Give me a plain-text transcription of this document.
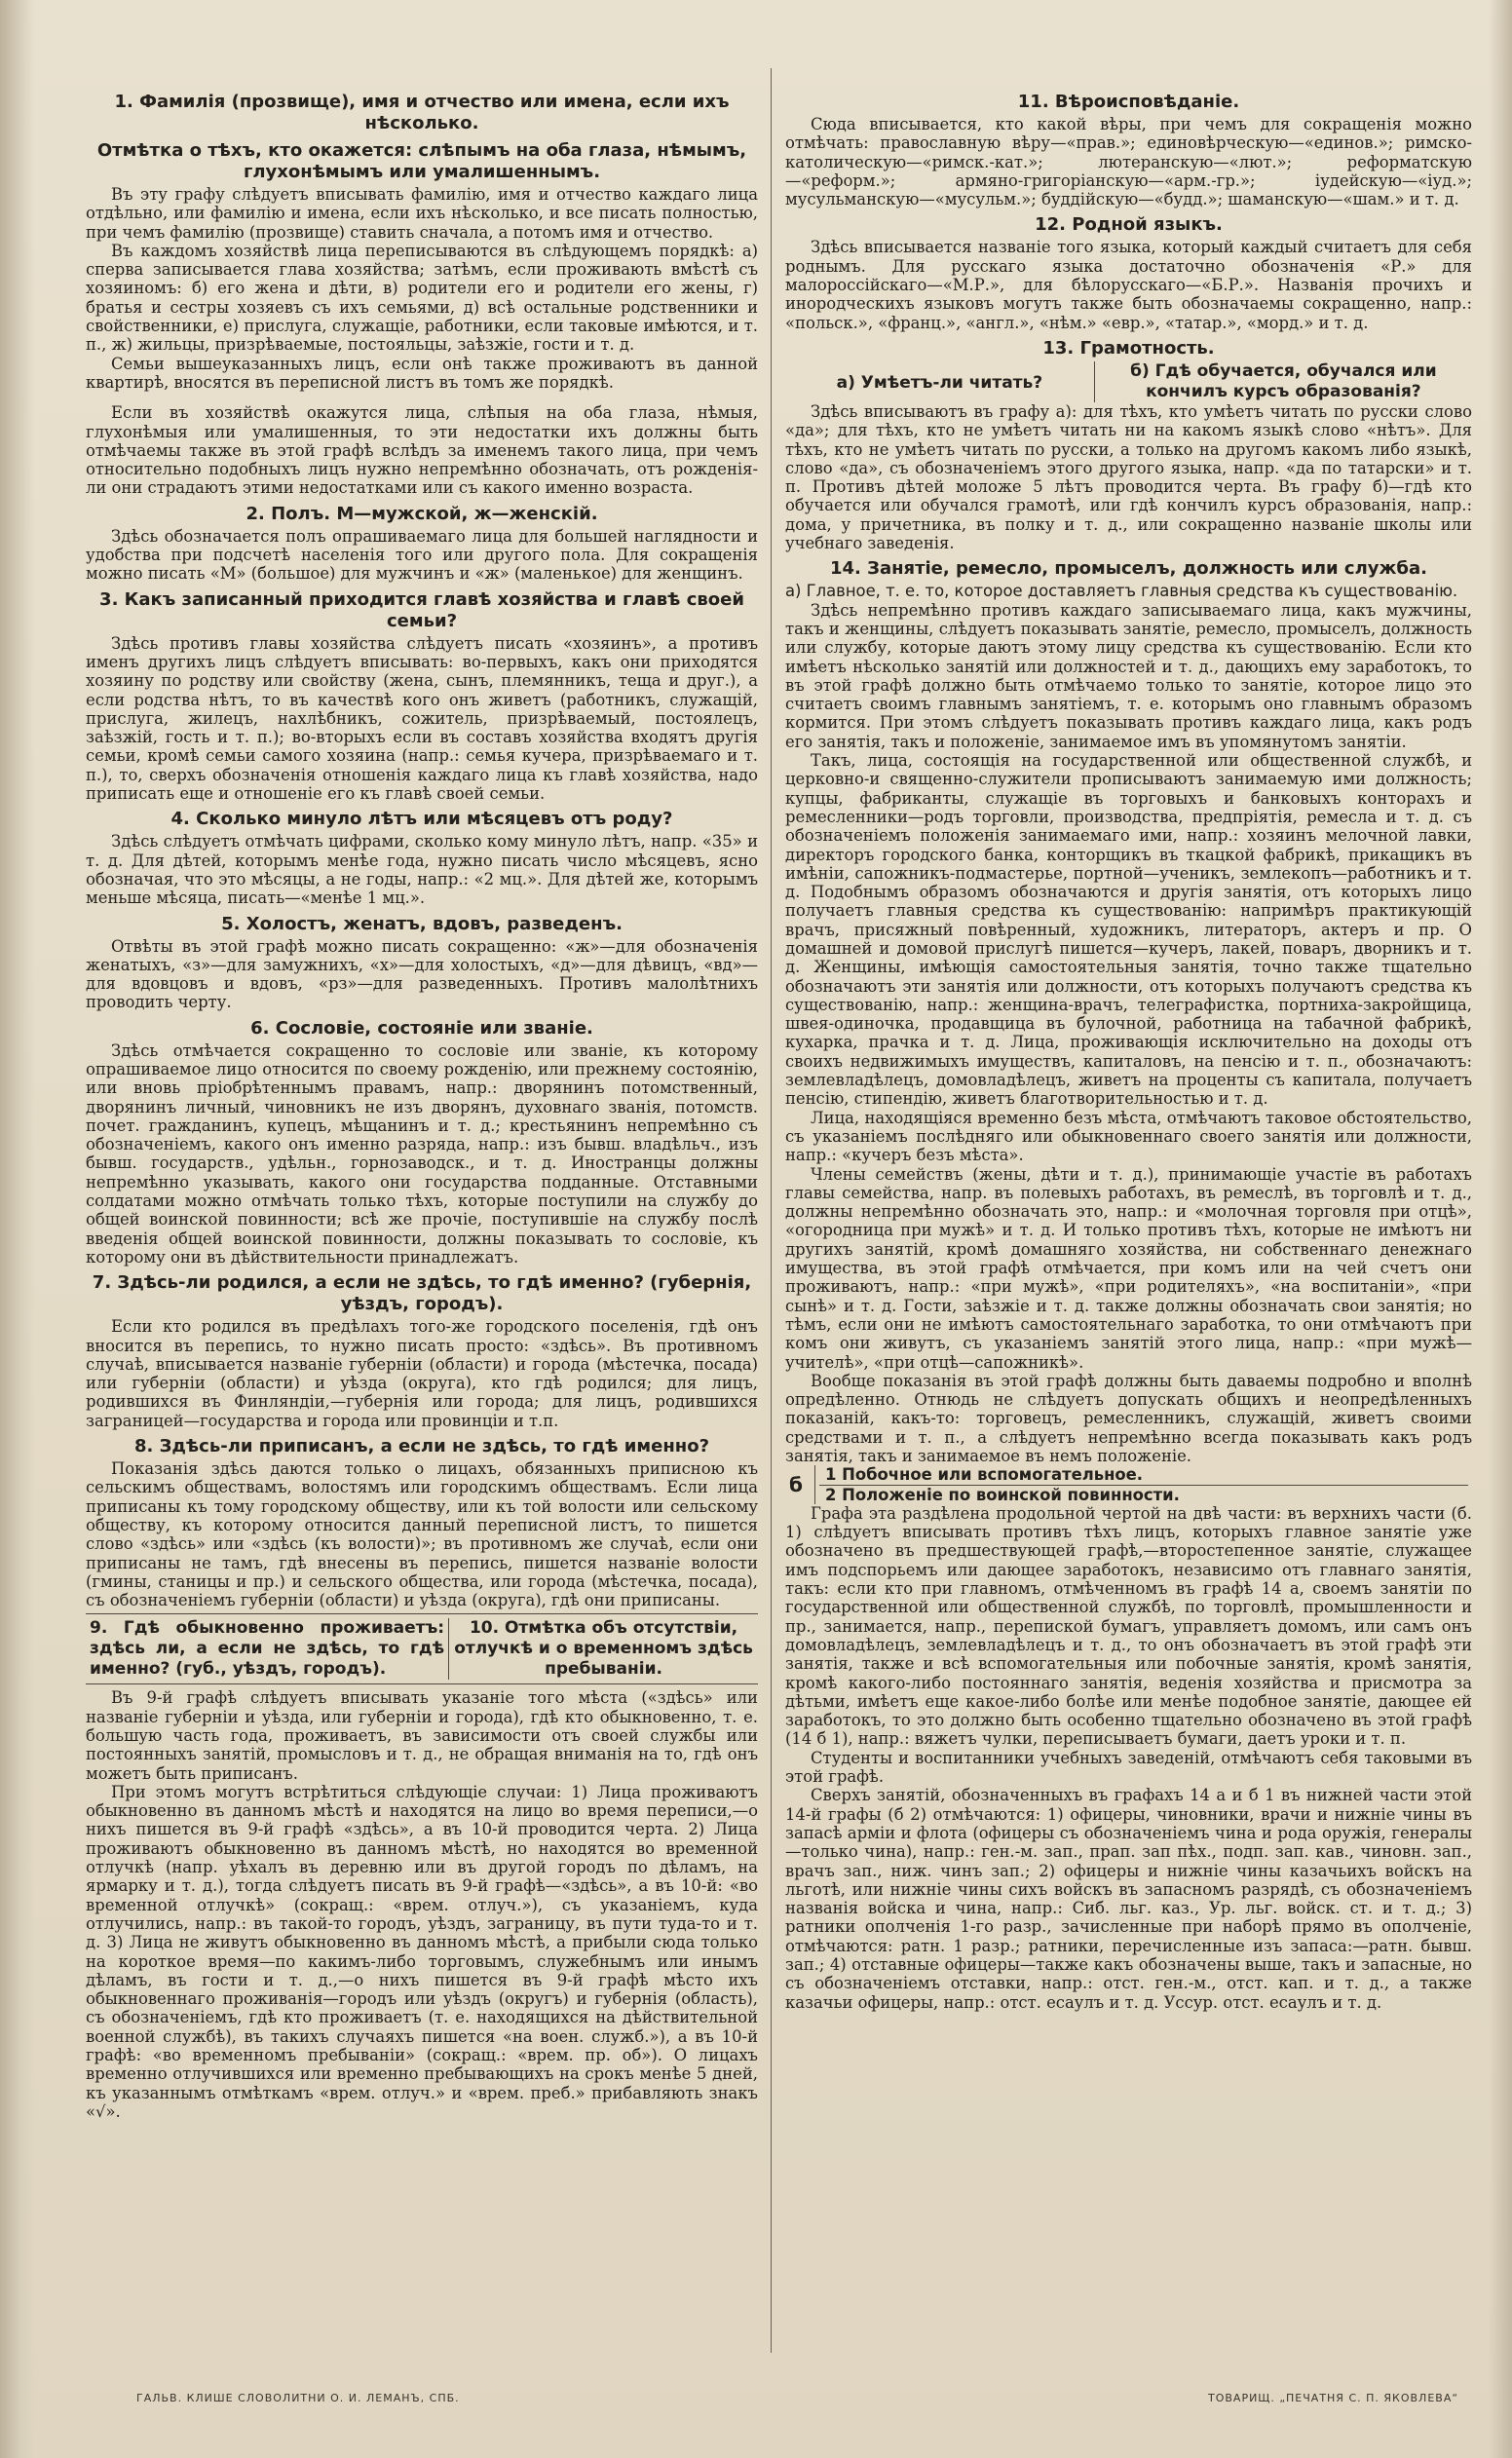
1. Фамилія (прозвище), имя и отчество или имена, если ихъ нѣсколько.
Отмѣтка о тѣхъ, кто окажется: слѣпымъ на оба глаза, нѣмымъ, глухонѣмымъ или умалишеннымъ.

Въ эту графу слѣдуетъ вписывать фамилію, имя и отчество каждаго лица отдѣльно, или фамилію и имена, если ихъ нѣсколько, и все писать полностью, при чемъ фамилію (прозвище) ставить сначала, а потомъ имя и отчество.

Въ каждомъ хозяйствѣ лица переписываются въ слѣдующемъ порядкѣ: а) сперва записывается глава хозяйства; затѣмъ, если проживають вмѣстѣ съ хозяиномъ: б) его жена и дѣти, в) родители его и родители его жены, г) братья и сестры хозяевъ съ ихъ семьями, д) всѣ остальные родственники и свойственники, е) прислуга, служащіе, работники, если таковые имѣются, и т. п., ж) жильцы, призрѣваемые, постояльцы, заѣзжіе, гости и т. д.

Семьи вышеуказанныхъ лицъ, если онѣ также проживаютъ въ данной квартирѣ, вносятся въ переписной листъ въ томъ же порядкѣ.

Если въ хозяйствѣ окажутся лица, слѣпыя на оба глаза, нѣмыя, глухонѣмыя или умалишенныя, то эти недостатки ихъ должны быть отмѣчаемы также въ этой графѣ вслѣдъ за именемъ такого лица, при чемъ относительно подобныхъ лицъ нужно непремѣнно обозначать, отъ рожденія-ли они страдаютъ этими недостатками или съ какого именно возраста.

2. Полъ. М—мужской, ж—женскій.

Здѣсь обозначается полъ опрашиваемаго лица для большей наглядности и удобства при подсчетѣ населенія того или другого пола. Для сокращенія можно писать «М» (большое) для мужчинъ и «ж» (маленькое) для женщинъ.

3. Какъ записанный приходится главѣ хозяйства и главѣ своей семьи?

Здѣсь противъ главы хозяйства слѣдуетъ писать «хозяинъ», а противъ именъ другихъ лицъ слѣдуетъ вписывать: во-первыхъ, какъ они приходятся хозяину по родству или свойству (жена, сынъ, племянникъ, теща и друг.), а если родства нѣтъ, то въ качествѣ кого онъ живетъ (работникъ, служащій, прислуга, жилецъ, нахлѣбникъ, сожитель, призрѣваемый, постоялецъ, заѣзжій, гость и т. п.); во-вторыхъ если въ составъ хозяйства входятъ другія семьи, кромѣ семьи самого хозяина (напр.: семья кучера, призрѣваемаго и т. п.), то, сверхъ обозначенія отношенія каждаго лица къ главѣ хозяйства, надо приписать еще и отношеніе его къ главѣ своей семьи.

4. Сколько минуло лѣтъ или мѣсяцевъ отъ роду?

Здѣсь слѣдуетъ отмѣчать цифрами, сколько кому минуло лѣтъ, напр. «35» и т. д. Для дѣтей, которымъ менѣе года, нужно писать число мѣсяцевъ, ясно обозначая, что это мѣсяцы, а не годы, напр.: «2 мц.». Для дѣтей же, которымъ меньше мѣсяца, писать—«менѣе 1 мц.».

5. Холостъ, женатъ, вдовъ, разведенъ.

Отвѣты въ этой графѣ можно писать сокращенно: «ж»—для обозначенія женатыхъ, «з»—для замужнихъ, «х»—для холостыхъ, «д»—для дѣвицъ, «вд»—для вдовцовъ и вдовъ, «рз»—для разведенныхъ. Противъ малолѣтнихъ проводить черту.

6. Сословіе, состояніе или званіе.

Здѣсь отмѣчается сокращенно то сословіе или званіе, къ которому опрашиваемое лицо относится по своему рожденію, или прежнему состоянію, или вновь пріобрѣтеннымъ правамъ, напр.: дворянинъ потомственный, дворянинъ личный, чиновникъ не изъ дворянъ, духовнаго званія, потомств. почет. гражданинъ, купецъ, мѣщанинъ и т. д.; крестьянинъ непремѣнно съ обозначеніемъ, какого онъ именно разряда, напр.: изъ бывш. владѣльч., изъ бывш. государств., удѣльн., горнозаводск., и т. д. Иностранцы должны непремѣнно указывать, какого они государства подданные. Отставными солдатами можно отмѣчать только тѣхъ, которые поступили на службу до общей воинской повинности; всѣ же прочіе, поступившіе на службу послѣ введенія общей воинской повинности, должны показывать то сословіе, къ которому они въ дѣйствительности принадлежатъ.

7. Здѣсь-ли родился, а если не здѣсь, то гдѣ именно? (губернія, уѣздъ, городъ).

Если кто родился въ предѣлахъ того-же городского поселенія, гдѣ онъ вносится въ перепись, то нужно писать просто: «здѣсь». Въ противномъ случаѣ, вписывается названіе губерніи (области) и города (мѣстечка, посада) или губерніи (области) и уѣзда (округа), кто гдѣ родился; для лицъ, родившихся въ Финляндіи,—губернія или города; для лицъ, родившихся заграницей—государства и города или провинціи и т.п.

8. Здѣсь-ли приписанъ, а если не здѣсь, то гдѣ именно?

Показанія здѣсь даются только о лицахъ, обязанныхъ приписною къ сельскимъ обществамъ, волостямъ или городскимъ обществамъ. Если лица приписаны къ тому городскому обществу, или къ той волости или сельскому обществу, къ которому относится данный переписной листъ, то пишется слово «здѣсь» или «здѣсь (къ волости)»; въ противномъ же случаѣ, если они приписаны не тамъ, гдѣ внесены въ перепись, пишется названіе волости (гмины, станицы и пр.) и сельского общества, или города (мѣстечка, посада), съ обозначеніемъ губерніи (области) и уѣзда (округа), гдѣ они приписаны.

9. Гдѣ обыкновенно проживаетъ: здѣсь ли, а если не здѣсь, то гдѣ именно? (губ., уѣздъ, городъ).	10. Отмѣтка объ отсутствіи, отлучкѣ и о временномъ здѣсь пребываніи.

Въ 9-й графѣ слѣдуетъ вписывать указаніе того мѣста («здѣсь» или названіе губерніи и уѣзда, или губерніи и города), гдѣ кто обыкновенно, т. е. большую часть года, проживаетъ, въ зависимости отъ своей службы или постоянныхъ занятій, промысловъ и т. д., не обращая вниманія на то, гдѣ онъ можетъ быть приписанъ.

При этомъ могутъ встрѣтиться слѣдующіе случаи: 1) Лица проживаютъ обыкновенно въ данномъ мѣстѣ и находятся на лицо во время переписи,—о нихъ пишется въ 9-й графѣ «здѣсь», а въ 10-й проводится черта. 2) Лица проживаютъ обыкновенно въ данномъ мѣстѣ, но находятся во временной отлучкѣ (напр. уѣхалъ въ деревню или въ другой городъ по дѣламъ, на ярмарку и т. д.), тогда слѣдуетъ писать въ 9-й графѣ—«здѣсь», а въ 10-й: «во временной отлучкѣ» (сокращ.: «врем. отлуч.»), съ указаніемъ, куда отлучились, напр.: въ такой-то городъ, уѣздъ, заграницу, въ пути туда-то и т. д. 3) Лица не живутъ обыкновенно въ данномъ мѣстѣ, а прибыли сюда только на короткое время—по какимъ-либо торговымъ, служебнымъ или инымъ дѣламъ, въ гости и т. д.,—о нихъ пишется въ 9-й графѣ мѣсто ихъ обыкновеннаго проживанія—городъ или уѣздъ (округъ) и губернія (область), съ обозначеніемъ, гдѣ кто проживаетъ (т. е. находящихся на дѣйствительной военной службѣ), въ такихъ случаяхъ пишется «на воен. служб.»), а въ 10-й графѣ: «во временномъ пребываніи» (сокращ.: «врем. пр. об»). О лицахъ временно отлучившихся или временно пребывающихъ на срокъ менѣе 5 дней, къ указаннымъ отмѣткамъ «врем. отлуч.» и «врем. преб.» прибавляють знакъ «√».

11. Вѣроисповѣданіе.

Сюда вписывается, кто какой вѣры, при чемъ для сокращенія можно отмѣчать: православную вѣру—«прав.»; единовѣрческую—«единов.»; римско-католическую—«римск.-кат.»; лютеранскую—«лют.»; реформатскую—«реформ.»; армяно-григоріанскую—«арм.-гр.»; іудейскую—«іуд.»; мусульманскую—«мусульм.»; буддійскую—«будд.»; шаманскую—«шам.» и т. д.

12. Родной языкъ.

Здѣсь вписывается названіе того языка, который каждый считаетъ для себя роднымъ. Для русскаго языка достаточно обозначенія «Р.» для малороссійскаго—«М.Р.», для бѣлорусскаго—«Б.Р.». Названія прочихъ и инородческихъ языковъ могутъ также быть обозначаемы сокращенно, напр.: «польск.», «франц.», «англ.», «нѣм.» «евр.», «татар.», «морд.» и т. д.

13. Грамотность.
а) Умѣетъ-ли читать?	б) Гдѣ обучается, обучался или кончилъ курсъ образованія?

Здѣсь вписываютъ въ графу а): для тѣхъ, кто умѣетъ читать по русски слово «да»; для тѣхъ, кто не умѣетъ читать ни на какомъ языкѣ слово «нѣтъ». Для тѣхъ, кто не умѣетъ читать по русски, а только на другомъ какомъ либо языкѣ, слово «да», съ обозначеніемъ этого другого языка, напр. «да по татарски» и т. п. Противъ дѣтей моложе 5 лѣтъ проводится черта. Въ графу б)—гдѣ кто обучается или обучался грамотѣ, или гдѣ кончилъ курсъ образованія, напр.: дома, у причетника, въ полку и т. д., или сокращенно названіе школы или учебнаго заведенія.

14. Занятіе, ремесло, промыселъ, должность или служба.
а) Главное, т. е. то, которое доставляетъ главныя средства къ существованію.

Здѣсь непремѣнно противъ каждаго записываемаго лица, какъ мужчины, такъ и женщины, слѣдуетъ показывать занятіе, ремесло, промыселъ, должность или службу, которые даютъ этому лицу средства къ существованію. Если кто имѣетъ нѣсколько занятій или должностей и т. д., дающихъ ему заработокъ, то въ этой графѣ должно быть отмѣчаемо только то занятіе, которое лицо это считаетъ своимъ главнымъ занятіемъ, т. е. которымъ оно главнымъ образомъ кормится. При этомъ слѣдуетъ показывать противъ каждаго лица, какъ родъ его занятія, такъ и положеніе, занимаемое имъ въ упомянутомъ занятіи.

Такъ, лица, состоящія на государственной или общественной службѣ, и церковно-и священно-служители прописываютъ занимаемую ими должность; купцы, фабриканты, служащіе въ торговыхъ и банковыхъ конторахъ и ремесленники—родъ торговли, производства, предпріятія, ремесла и т. д. съ обозначеніемъ положенія занимаемаго ими, напр.: хозяинъ мелочной лавки, директоръ городского банка, конторщикъ въ ткацкой фабрикѣ, прикащикъ въ имѣніи, сапожникъ-подмастерье, портной—ученикъ, землекопъ—работникъ и т. д. Подобнымъ образомъ обозначаются и другія занятія, отъ которыхъ лицо получаетъ главныя средства къ существованію: напримѣръ практикующій врачъ, присяжный повѣренный, художникъ, литераторъ, актеръ и пр. О домашней и домовой прислугѣ пишется—кучеръ, лакей, поваръ, дворникъ и т. д. Женщины, имѣющія самостоятельныя занятія, точно также тщательно обозначаютъ эти занятія или должности, отъ которыхъ получаютъ средства къ существованію, напр.: женщина-врачъ, телеграфистка, портниха-закройщица, швея-одиночка, продавщица въ булочной, работница на табачной фабрикѣ, кухарка, прачка и т. д. Лица, проживающія исключительно на доходы отъ своихъ недвижимыхъ имуществъ, капиталовъ, на пенсію и т. п., обозначаютъ: землевладѣлецъ, домовладѣлецъ, живетъ на проценты съ капитала, получаетъ пенсію, стипендію, живетъ благотворительностью и т. д.

Лица, находящіяся временно безъ мѣста, отмѣчаютъ таковое обстоятельство, съ указаніемъ послѣдняго или обыкновеннаго своего занятія или должности, напр.: «кучеръ безъ мѣста».

Члены семействъ (жены, дѣти и т. д.), принимающіе участіе въ работахъ главы семейства, напр. въ полевыхъ работахъ, въ ремеслѣ, въ торговлѣ и т. д., должны непремѣнно обозначать это, напр.: и «молочная торговля при отцѣ», «огородница при мужѣ» и т. д. И только противъ тѣхъ, которые не имѣютъ ни другихъ занятій, кромѣ домашняго хозяйства, ни собственнаго денежнаго имущества, въ этой графѣ отмѣчается, при комъ или на чей счетъ они проживаютъ, напр.: «при мужѣ», «при родителяхъ», «на воспитаніи», «при сынѣ» и т. д. Гости, заѣзжіе и т. д. также должны обозначать свои занятія; но тѣмъ, если они не имѣютъ самостоятельнаго заработка, то они отмѣчаютъ при комъ они живутъ, съ указаніемъ занятій этого лица, напр.: «при мужѣ—учителѣ», «при отцѣ—сапожникѣ».

Вообще показанія въ этой графѣ должны быть даваемы подробно и вполнѣ опредѣленно. Отнюдь не слѣдуетъ допускать общихъ и неопредѣленныхъ показаній, какъ-то: торговецъ, ремесленникъ, служащій, живетъ своими средствами и т. п., а слѣдуетъ непремѣнно всегда показывать какъ родъ занятія, такъ и занимаемое въ немъ положеніе.

б	1 Побочное или вспомогательное.
2 Положеніе по воинской повинности.

Графа эта раздѣлена продольной чертой на двѣ части: въ верхнихъ части (б. 1) слѣдуетъ вписывать противъ тѣхъ лицъ, которыхъ главное занятіе уже обозначено въ предшествующей графѣ,—второстепенное занятіе, служащее имъ подспорьемъ или дающее заработокъ, независимо отъ главнаго занятія, такъ: если кто при главномъ, отмѣченномъ въ графѣ 14 а, своемъ занятіи по государственной или общественной службѣ, по торговлѣ, промышленности и пр., занимается, напр., перепиской бумагъ, управляетъ домомъ, или самъ онъ домовладѣлецъ, землевладѣлецъ и т. д., то онъ обозначаетъ въ этой графѣ эти занятія, также и всѣ вспомогательныя или побочные занятія, кромѣ занятія, кромѣ какого-либо постояннаго занятія, веденія хозяйства и присмотра за дѣтьми, имѣетъ еще какое-либо болѣе или менѣе подобное занятіе, дающее ей заработокъ, то это должно быть особенно тщательно обозначено въ этой графѣ (14 б 1), напр.: вяжетъ чулки, переписываетъ бумаги, даетъ уроки и т. п.

Студенты и воспитанники учебныхъ заведеній, отмѣчаютъ себя таковыми въ этой графѣ.

Сверхъ занятій, обозначенныхъ въ графахъ 14 а и б 1 въ нижней части этой 14-й графы (б 2) отмѣчаются: 1) офицеры, чиновники, врачи и нижніе чины въ запасѣ арміи и флота (офицеры съ обозначеніемъ чина и рода оружія, генералы—только чина), напр.: ген.-м. зап., прап. зап пѣх., подп. зап. кав., чиновн. зап., врачъ зап., ниж. чинъ зап.; 2) офицеры и нижніе чины казачьихъ войскъ на льготѣ, или нижніе чины сихъ войскъ въ запасномъ разрядѣ, съ обозначеніемъ названія войска и чина, напр.: Сиб. льг. каз., Ур. льг. войск. ст. и т. д.; 3) ратники ополченія 1-го разр., зачисленные при наборѣ прямо въ ополченіе, отмѣчаются: ратн. 1 разр.; ратники, перечисленные изъ запаса:—ратн. бывш. зап.; 4) отставные офицеры—также какъ обозначены выше, такъ и запасные, но съ обозначеніемъ отставки, напр.: отст. ген.-м., отст. кап. и т. д., а также казачьи офицеры, напр.: отст. есаулъ и т. д. Уссур. отст. есаулъ и т. д.

ГАЛЬВ. КЛИШЕ СЛОВОЛИТНИ О. И. ЛЕМАНЪ, СПБ.	ТОВАРИЩ. „ПЕЧАТНЯ С. П. ЯКОВЛЕВА“
